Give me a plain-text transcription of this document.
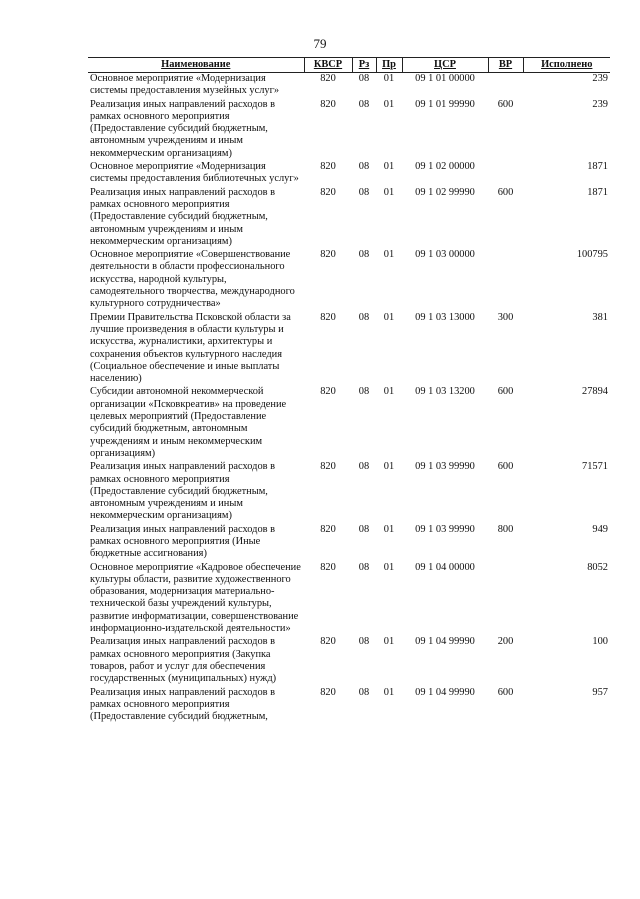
79
Наименование	КВСР	Рз	Пр	ЦСР	ВР	Исполнено
Основное мероприятие «Модернизация системы предоставления музейных услуг»	820	08	01	09 1 01 00000		239
Реализация иных направлений расходов в рамках основного мероприятия (Предоставление субсидий бюджетным, автономным учреждениям и иным некоммерческим организациям)	820	08	01	09 1 01 99990	600	239
Основное мероприятие «Модернизация системы предоставления библиотечных услуг»	820	08	01	09 1 02 00000		1871
Реализация иных направлений расходов в рамках основного мероприятия (Предоставление субсидий бюджетным, автономным учреждениям и иным некоммерческим организациям)	820	08	01	09 1 02 99990	600	1871
Основное мероприятие «Совершенствование деятельности в области профессионального искусства, народной культуры, самодеятельного творчества, международного культурного сотрудничества»	820	08	01	09 1 03 00000		100795
Премии Правительства Псковской области за лучшие произведения в области культуры и искусства, журналистики, архитектуры и сохранения объектов культурного наследия (Социальное обеспечение и иные выплаты населению)	820	08	01	09 1 03 13000	300	381
Субсидии автономной некоммерческой организации «Псковкреатив» на проведение целевых мероприятий (Предоставление субсидий бюджетным, автономным учреждениям и иным некоммерческим организациям)	820	08	01	09 1 03 13200	600	27894
Реализация иных направлений расходов в рамках основного мероприятия (Предоставление субсидий бюджетным, автономным учреждениям и иным некоммерческим организациям)	820	08	01	09 1 03 99990	600	71571
Реализация иных направлений расходов в рамках основного мероприятия (Иные бюджетные ассигнования)	820	08	01	09 1 03 99990	800	949
Основное мероприятие «Кадровое обеспечение культуры области, развитие художественного образования, модернизация материально-технической базы учреждений культуры, развитие информатизации, совершенствование информационно-издательской деятельности»	820	08	01	09 1 04 00000		8052
Реализация иных направлений расходов в рамках основного мероприятия (Закупка товаров, работ и услуг для обеспечения государственных (муниципальных) нужд)	820	08	01	09 1 04 99990	200	100
Реализация иных направлений расходов в рамках основного мероприятия (Предоставление субсидий бюджетным,	820	08	01	09 1 04 99990	600	957
